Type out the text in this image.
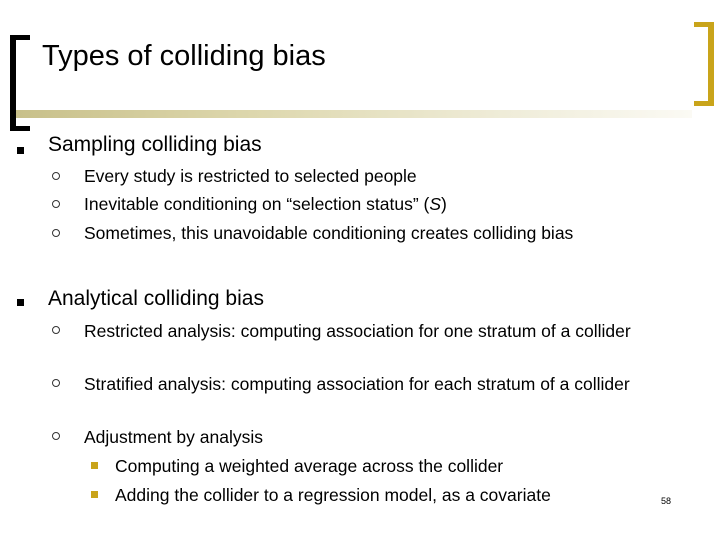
Types of colliding bias
Sampling colliding bias
Every study is restricted to selected people
Inevitable conditioning on “selection status” (S)
Sometimes, this unavoidable conditioning creates colliding bias
Analytical colliding bias
Restricted analysis: computing association for one stratum of a collider
Stratified analysis: computing association for each stratum of a collider
Adjustment by analysis
Computing a weighted average across the collider
Adding the collider to a regression model, as a covariate	58
